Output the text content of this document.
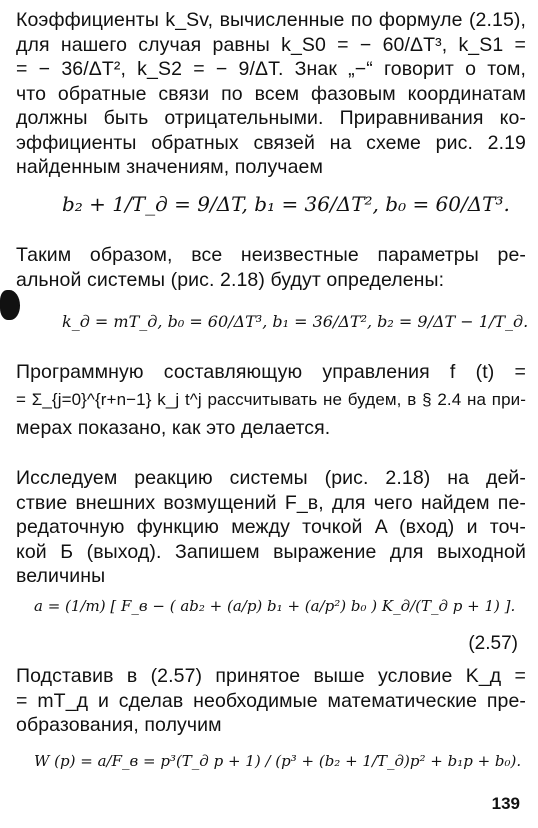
Коэффициенты k_Sv, вычисленные по формуле (2.15),
для нашего случая равны k_S0 = − 60/ΔT³, k_S1 =
= − 36/ΔT², k_S2 = − 9/ΔT. Знак „−“ говорит о том,
что обратные связи по всем фазовым координатам
должны быть отрицательными. Приравнивания ко-
эффициенты обратных связей на схеме рис. 2.19
найденным значениям, получаем

b₂ + 1/T_д = 9/ΔT, b₁ = 36/ΔT², b₀ = 60/ΔT³.

Таким образом, все неизвестные параметры ре-
альной системы (рис. 2.18) будут определены:

k_д = mT_д, b₀ = 60/ΔT³, b₁ = 36/ΔT², b₂ = 9/ΔT − 1/T_д.

Программную составляющую управления f (t) =
= Σ_{j=0}^{r+n−1} k_j t^j рассчитывать не будем, в § 2.4 на при-
мерах показано, как это делается.

Исследуем реакцию системы (рис. 2.18) на дей-
ствие внешних возмущений F_в, для чего найдем пе-
редаточную функцию между точкой A (вход) и точ-
кой Б (выход). Запишем выражение для выходной
величины

a = (1/m) [ F_в − ( ab₂ + (a/p) b₁ + (a/p²) b₀ ) K_д/(T_д p + 1) ].
(2.57)

Подставив в (2.57) принятое выше условие K_д =
= mT_д и сделав необходимые математические пре-
образования, получим

W (p) = a/F_в = p³(T_д p + 1) / (p³ + (b₂ + 1/T_д)p² + b₁p + b₀).
139
